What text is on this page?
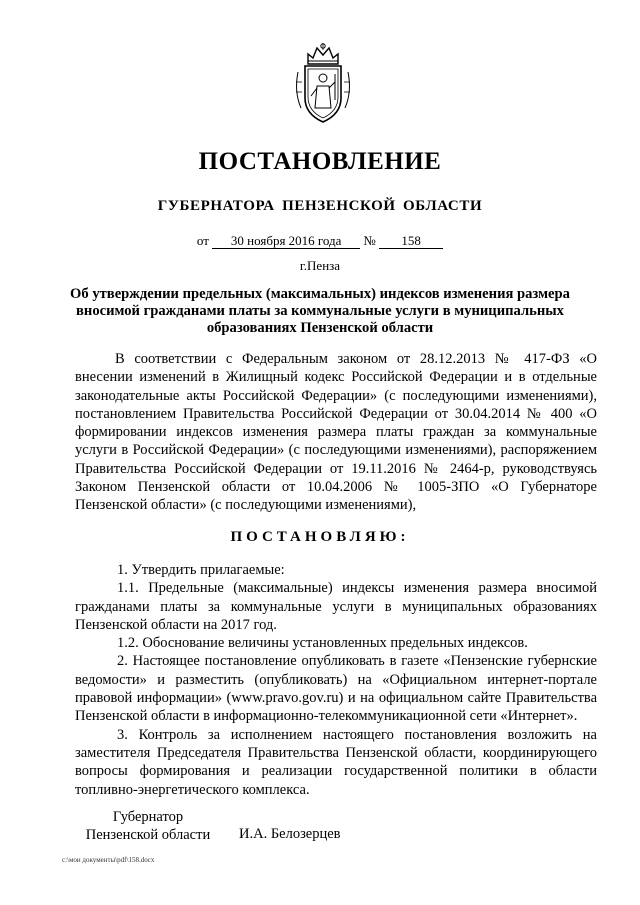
ПОСТАНОВЛЕНИЕ
ГУБЕРНАТОРА ПЕНЗЕНСКОЙ ОБЛАСТИ
от 30 ноября 2016 года № 158
г.Пенза
Об утверждении предельных (максимальных) индексов изменения размера вносимой гражданами платы за коммунальные услуги в муниципальных образованиях Пензенской области

В соответствии с Федеральным законом от 28.12.2013 № 417-ФЗ «О внесении изменений в Жилищный кодекс Российской Федерации и в отдельные законодательные акты Российской Федерации» (с последующими изменениями), постановлением Правительства Российской Федерации от 30.04.2014 № 400 «О формировании индексов изменения размера платы граждан за коммунальные услуги в Российской Федерации» (с последующими изменениями), распоряжением Правительства Российской Федерации от 19.11.2016 № 2464-р, руководствуясь Законом Пензенской области от 10.04.2006 № 1005-ЗПО «О Губернаторе Пензенской области» (с последующими изменениями),

ПОСТАНОВЛЯЮ:

1. Утвердить прилагаемые:

1.1. Предельные (максимальные) индексы изменения размера вносимой гражданами платы за коммунальные услуги в муниципальных образованиях Пензенской области на 2017 год.

1.2. Обоснование величины установленных предельных индексов.

2. Настоящее постановление опубликовать в газете «Пензенские губернские ведомости» и разместить (опубликовать) на «Официальном интернет-портале правовой информации» (www.pravo.gov.ru) и на официальном сайте Правительства Пензенской области в информационно-телекоммуникационной сети «Интернет».

3. Контроль за исполнением настоящего постановления возложить на заместителя Председателя Правительства Пензенской области, координирующего вопросы формирования и реализации государственной политики в области топливно-энергетического комплекса.

Губернатор
Пензенской области	И.А. Белозерцев
c:\мои документы\pdf\158.docx
